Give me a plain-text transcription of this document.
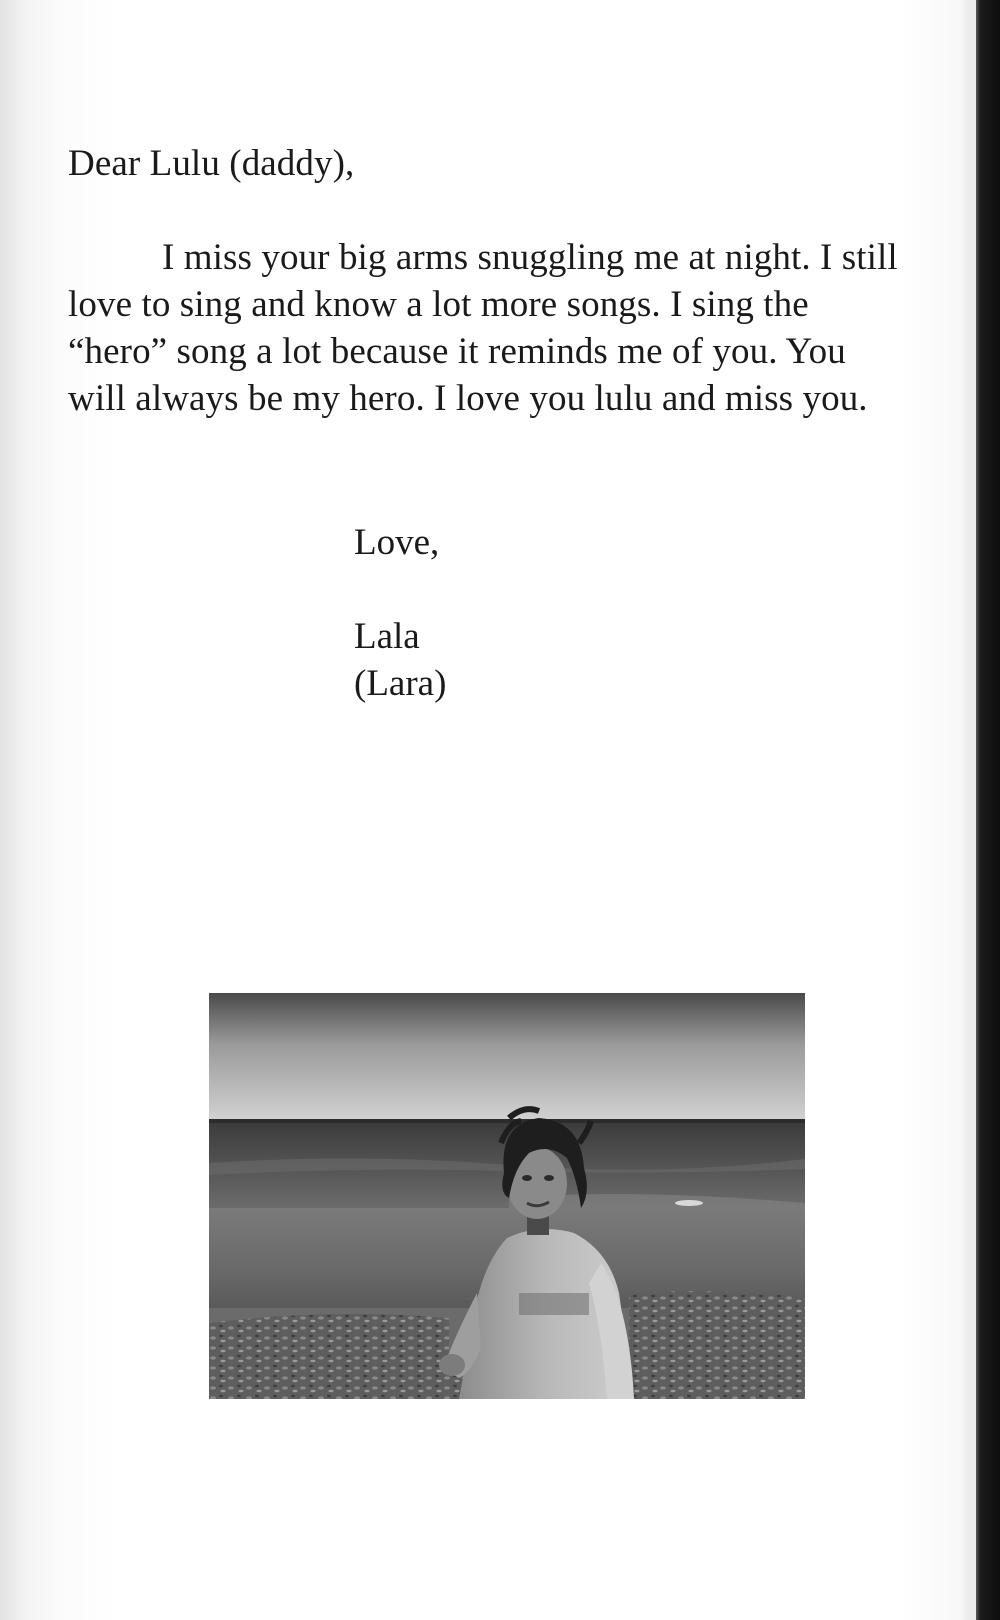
Dear Lulu (daddy),

I miss your big arms snuggling me at night. I still love to sing and know a lot more songs. I sing the “hero” song a lot because it reminds me of you. You will always be my hero. I love you lulu and miss you.

Love,
Lala
(Lara)
